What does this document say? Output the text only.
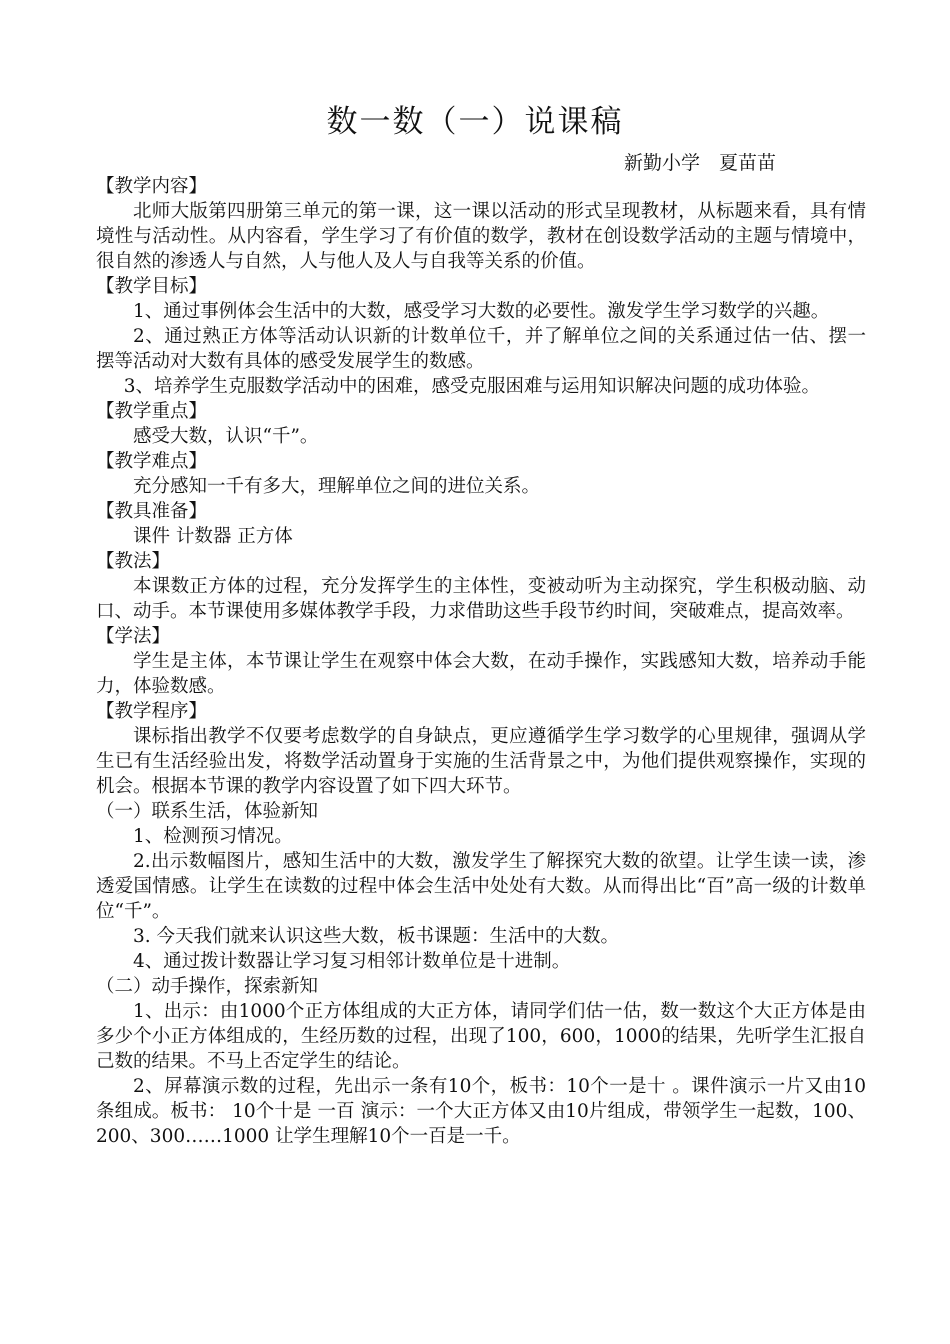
数一数（一）说课稿
新勤小学　夏苗苗

【教学内容】

北师大版第四册第三单元的第一课，这一课以活动的形式呈现教材，从标题来看，具有情境性与活动性。从内容看，学生学习了有价值的数学，教材在创设数学活动的主题与情境中，很自然的渗透人与自然，人与他人及人与自我等关系的价值。

【教学目标】

1、通过事例体会生活中的大数，感受学习大数的必要性。激发学生学习数学的兴趣。

2、通过熟正方体等活动认识新的计数单位千，并了解单位之间的关系通过估一估、摆一摆等活动对大数有具体的感受发展学生的数感。

3、培养学生克服数学活动中的困难，感受克服困难与运用知识解决问题的成功体验。

【教学重点】

感受大数，认识“千”。

【教学难点】

充分感知一千有多大，理解单位之间的进位关系。

【教具准备】

课件 计数器 正方体

【教法】

本课数正方体的过程，充分发挥学生的主体性，变被动听为主动探究，学生积极动脑、动口、动手。本节课使用多媒体教学手段，力求借助这些手段节约时间，突破难点，提高效率。

【学法】

学生是主体，本节课让学生在观察中体会大数，在动手操作，实践感知大数，培养动手能力，体验数感。

【教学程序】

课标指出教学不仅要考虑数学的自身缺点，更应遵循学生学习数学的心里规律，强调从学生已有生活经验出发，将数学活动置身于实施的生活背景之中，为他们提供观察操作，实现的机会。根据本节课的教学内容设置了如下四大环节。

（一）联系生活，体验新知

1、检测预习情况。

2.出示数幅图片，感知生活中的大数，激发学生了解探究大数的欲望。让学生读一读，渗透爱国情感。让学生在读数的过程中体会生活中处处有大数。从而得出比“百”高一级的计数单位“千”。

3. 今天我们就来认识这些大数，板书课题：生活中的大数。

4、通过拨计数器让学习复习相邻计数单位是十进制。

（二）动手操作，探索新知

1、出示：由1000个正方体组成的大正方体，请同学们估一估，数一数这个大正方体是由多少个小正方体组成的，生经历数的过程，出现了100，600，1000的结果，先听学生汇报自己数的结果。不马上否定学生的结论。

2、屏幕演示数的过程，先出示一条有10个，板书：10个一是十 。课件演示一片又由10条组成。板书： 10个十是 一百 演示：一个大正方体又由10片组成，带领学生一起数，100、200、300……1000 让学生理解10个一百是一千。
